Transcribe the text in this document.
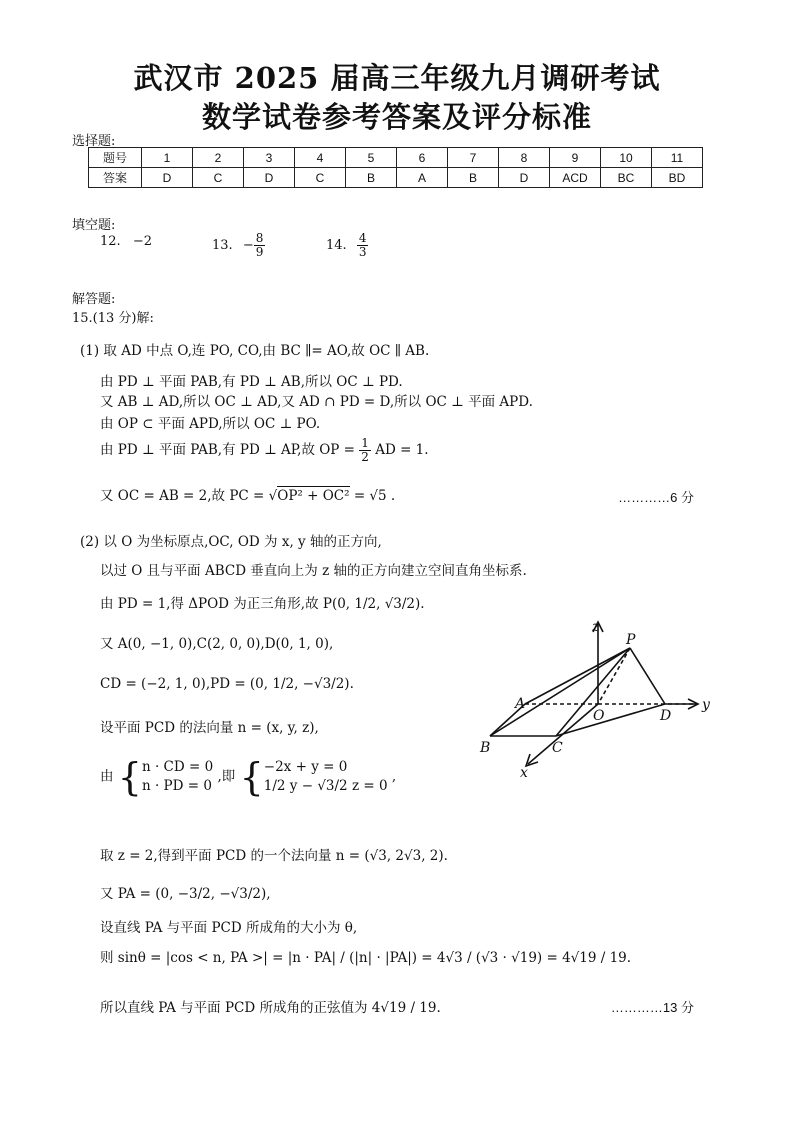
武汉市 2025 届高三年级九月调研考试
数学试卷参考答案及评分标准
选择题:
题号	1	2	3	4	5	6	7	8	9	10	11
答案	D	C	D	C	B	A	B	D	ACD	BC	BD
填空题:
12. −2	13. − $\frac{8}{9}$	14. $\frac{4}{3}$
解答题:
15.(13 分)解:
(1) 取 AD 中点 O,连 PO, CO,由 BC ∥= AO,故 OC ∥ AB.
由 PD ⊥ 平面 PAB,有 PD ⊥ AB,所以 OC ⊥ PD.
又 AB ⊥ AD,所以 OC ⊥ AD,又 AD ∩ PD = D,所以 OC ⊥ 平面 APD.
由 OP ⊂ 平面 APD,所以 OC ⊥ PO.
由 PD ⊥ 平面 PAB,有 PD ⊥ AP,故 OP = $\frac{1}{2}$ AD = 1.
又 OC = AB = 2,故 PC = √OP² + OC² = √5 .	…………6 分
(2) 以 O 为坐标原点,OC, OD 为 x, y 轴的正方向,
以过 O 且与平面 ABCD 垂直向上为 z 轴的正方向建立空间直角坐标系.
由 PD = 1,得 ΔPOD 为正三角形,故 P(0, 1/2, √3/2).
又 A(0, −1, 0),C(2, 0, 0),D(0, 1, 0),
CD = (−2, 1, 0),PD = (0, 1/2, −√3/2).
设平面 PCD 的法向量 n = (x, y, z),
由 { n · CD = 0
n · PD = 0
,即 { −2x + y = 0
1/2 y − √3/2 z = 0
,
取 z = 2,得到平面 PCD 的一个法向量 n = (√3, 2√3, 2).
又 PA = (0, −3/2, −√3/2),
设直线 PA 与平面 PCD 所成角的大小为 θ,
则 sinθ = |cos < n, PA >| = |n · PA| / (|n| · |PA|) = 4√3 / (√3 · √19) = 4√19 / 19.
所以直线 PA 与平面 PCD 所成角的正弦值为 4√19 / 19.	…………13 分
z
P
A
O	D
y
B	C
x
